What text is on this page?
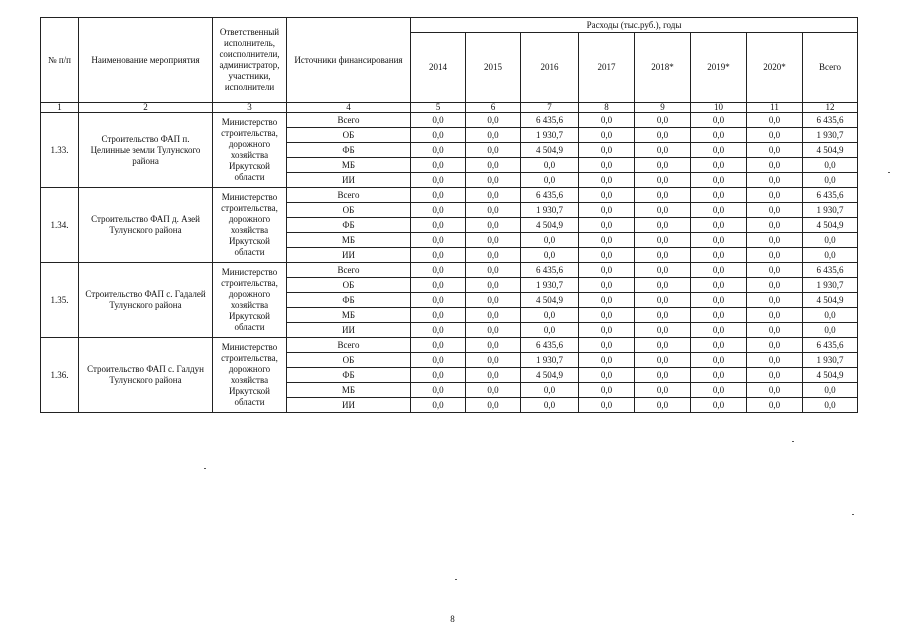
№ п/п	Наименование мероприятия	Ответственный исполнитель, соисполнители, администратор, участники, исполнители	Источники финансирования	Расходы (тыс.руб.), годы							
				2014	2015	2016	2017	2018*	2019*	2020*	Всего
1	2	3	4	5	6	7	8	9	10	11	12
1.33.	Строительство ФАП п. Целинные земли Тулунского района	Министерство строительства, дорожного хозяйства Иркутской области	Всего	0,0	0,0	6 435,6	0,0	0,0	0,0	0,0	6 435,6
			ОБ	0,0	0,0	1 930,7	0,0	0,0	0,0	0,0	1 930,7
			ФБ	0,0	0,0	4 504,9	0,0	0,0	0,0	0,0	4 504,9
			МБ	0,0	0,0	0,0	0,0	0,0	0,0	0,0	0,0
			ИИ	0,0	0,0	0,0	0,0	0,0	0,0	0,0	0,0
1.34.	Строительство ФАП д. Азей Тулунского района	Министерство строительства, дорожного хозяйства Иркутской области	Всего	0,0	0,0	6 435,6	0,0	0,0	0,0	0,0	6 435,6
			ОБ	0,0	0,0	1 930,7	0,0	0,0	0,0	0,0	1 930,7
			ФБ	0,0	0,0	4 504,9	0,0	0,0	0,0	0,0	4 504,9
			МБ	0,0	0,0	0,0	0,0	0,0	0,0	0,0	0,0
			ИИ	0,0	0,0	0,0	0,0	0,0	0,0	0,0	0,0
1.35.	Строительство ФАП с. Гадалей Тулунского района	Министерство строительства, дорожного хозяйства Иркутской области	Всего	0,0	0,0	6 435,6	0,0	0,0	0,0	0,0	6 435,6
			ОБ	0,0	0,0	1 930,7	0,0	0,0	0,0	0,0	1 930,7
			ФБ	0,0	0,0	4 504,9	0,0	0,0	0,0	0,0	4 504,9
			МБ	0,0	0,0	0,0	0,0	0,0	0,0	0,0	0,0
			ИИ	0,0	0,0	0,0	0,0	0,0	0,0	0,0	0,0
1.36.	Строительство ФАП с. Галдун Тулунского района	Министерство строительства, дорожного хозяйства Иркутской области	Всего	0,0	0,0	6 435,6	0,0	0,0	0,0	0,0	6 435,6
			ОБ	0,0	0,0	1 930,7	0,0	0,0	0,0	0,0	1 930,7
			ФБ	0,0	0,0	4 504,9	0,0	0,0	0,0	0,0	4 504,9
			МБ	0,0	0,0	0,0	0,0	0,0	0,0	0,0	0,0
			ИИ	0,0	0,0	0,0	0,0	0,0	0,0	0,0	0,0
8
